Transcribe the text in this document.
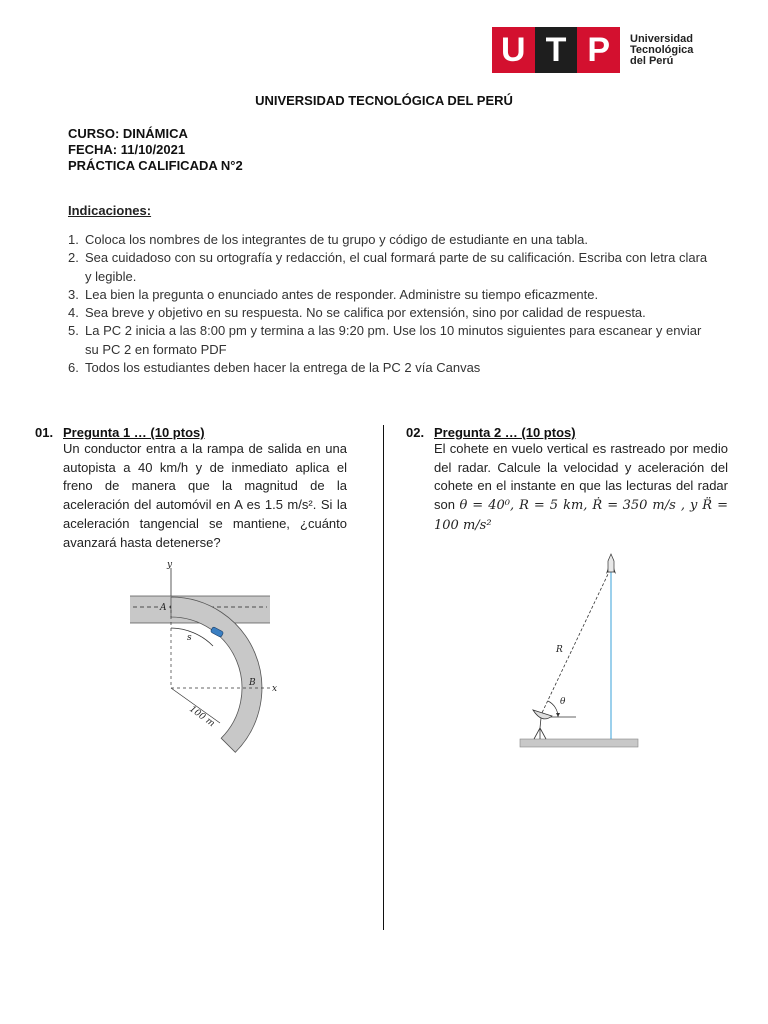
U T P	Universidad
Tecnológica
del Perú
UNIVERSIDAD TECNOLÓGICA DEL PERÚ
CURSO: DINÁMICA
FECHA: 11/10/2021
PRÁCTICA CALIFICADA N°2
Indicaciones:
1. Coloca los nombres de los integrantes de tu grupo y código de estudiante en una tabla.
2. Sea cuidadoso con su ortografía y redacción, el cual formará parte de su calificación. Escriba con letra clara y legible.
3. Lea bien la pregunta o enunciado antes de responder. Administre su tiempo eficazmente.
4. Sea breve y objetivo en su respuesta. No se califica por extensión, sino por calidad de respuesta.
5. La PC 2 inicia a las 8:00 pm y termina a las 9:20 pm. Use los 10 minutos siguientes para escanear y enviar su PC 2 en formato PDF
6. Todos los estudiantes deben hacer la entrega de la PC 2 vía Canvas
01. Pregunta 1 … (10 ptos)
Un conductor entra a la rampa de salida en una autopista a 40 km/h y de inmediato aplica el freno de manera que la magnitud de la aceleración del automóvil en A es 1.5 m/s². Si la aceleración tangencial se mantiene, ¿cuánto avanzará hasta detenerse?
y
A
x
B
s
100 m
02. Pregunta 2 … (10 ptos)
El cohete en vuelo vertical es rastreado por medio del radar. Calcule la velocidad y aceleración del cohete en el instante en que las lecturas del radar son θ = 40⁰, R = 5 km, Ṙ = 350 m/s , y R̈ = 100 m/s²
R
θ
